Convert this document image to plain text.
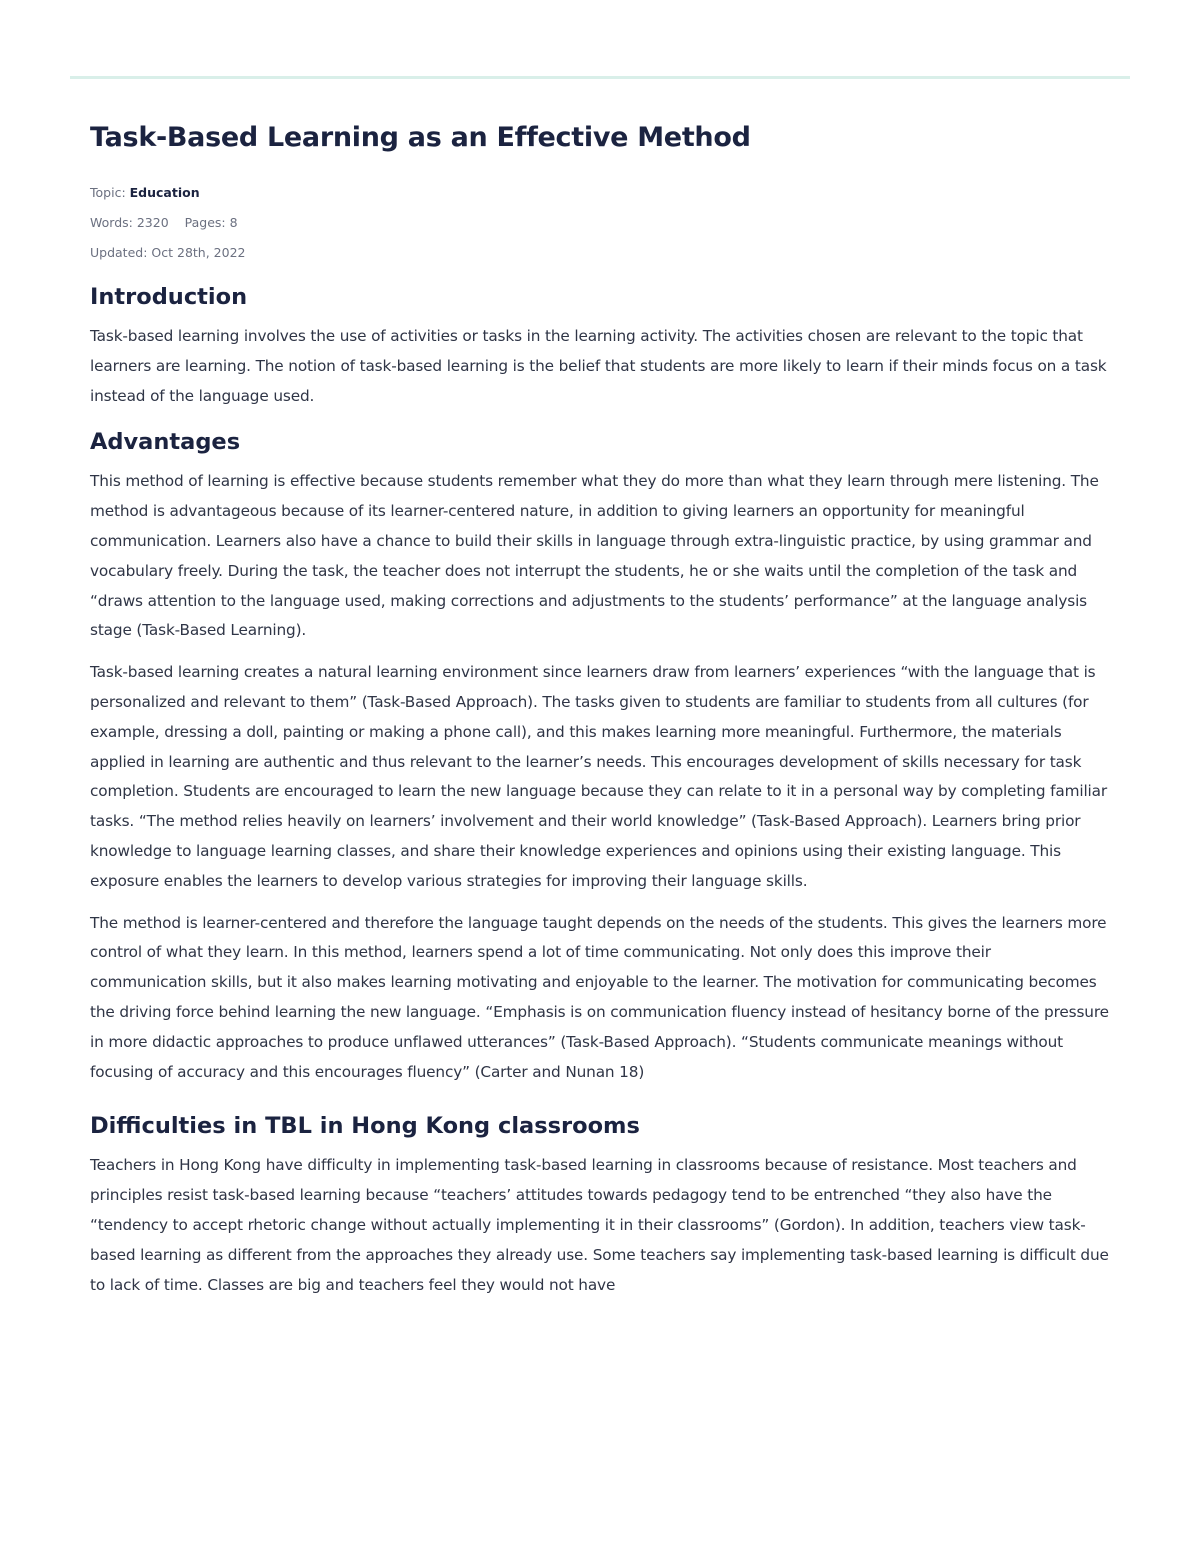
Task-Based Learning as an Effective Method
Topic: Education
Words: 2320 Pages: 8
Updated: Oct 28th, 2022
Introduction

Task-based learning involves the use of activities or tasks in the learning activity. The activities chosen are relevant to the topic that learners are learning. The notion of task-based learning is the belief that students are more likely to learn if their minds focus on a task instead of the language used.

Advantages

This method of learning is effective because students remember what they do more than what they learn through mere listening. The method is advantageous because of its learner-centered nature, in addition to giving learners an opportunity for meaningful communication. Learners also have a chance to build their skills in language through extra-linguistic practice, by using grammar and vocabulary freely. During the task, the teacher does not interrupt the students, he or she waits until the completion of the task and “draws attention to the language used, making corrections and adjustments to the students’ performance” at the language analysis stage (Task-Based Learning).

Task-based learning creates a natural learning environment since learners draw from learners’ experiences “with the language that is personalized and relevant to them” (Task-Based Approach). The tasks given to students are familiar to students from all cultures (for example, dressing a doll, painting or making a phone call), and this makes learning more meaningful. Furthermore, the materials applied in learning are authentic and thus relevant to the learner’s needs. This encourages development of skills necessary for task completion. Students are encouraged to learn the new language because they can relate to it in a personal way by completing familiar tasks. “The method relies heavily on learners’ involvement and their world knowledge” (Task-Based Approach). Learners bring prior knowledge to language learning classes, and share their knowledge experiences and opinions using their existing language. This exposure enables the learners to develop various strategies for improving their language skills.

The method is learner-centered and therefore the language taught depends on the needs of the students. This gives the learners more control of what they learn. In this method, learners spend a lot of time communicating. Not only does this improve their communication skills, but it also makes learning motivating and enjoyable to the learner. The motivation for communicating becomes the driving force behind learning the new language. “Emphasis is on communication fluency instead of hesitancy borne of the pressure in more didactic approaches to produce unflawed utterances” (Task-Based Approach). “Students communicate meanings without focusing of accuracy and this encourages fluency” (Carter and Nunan 18)

Difficulties in TBL in Hong Kong classrooms

Teachers in Hong Kong have difficulty in implementing task-based learning in classrooms because of resistance. Most teachers and principles resist task-based learning because “teachers’ attitudes towards pedagogy tend to be entrenched “they also have the “tendency to accept rhetoric change without actually implementing it in their classrooms” (Gordon). In addition, teachers view task-based learning as different from the approaches they already use. Some teachers say implementing task-based learning is difficult due to lack of time. Classes are big and teachers feel they would not have
